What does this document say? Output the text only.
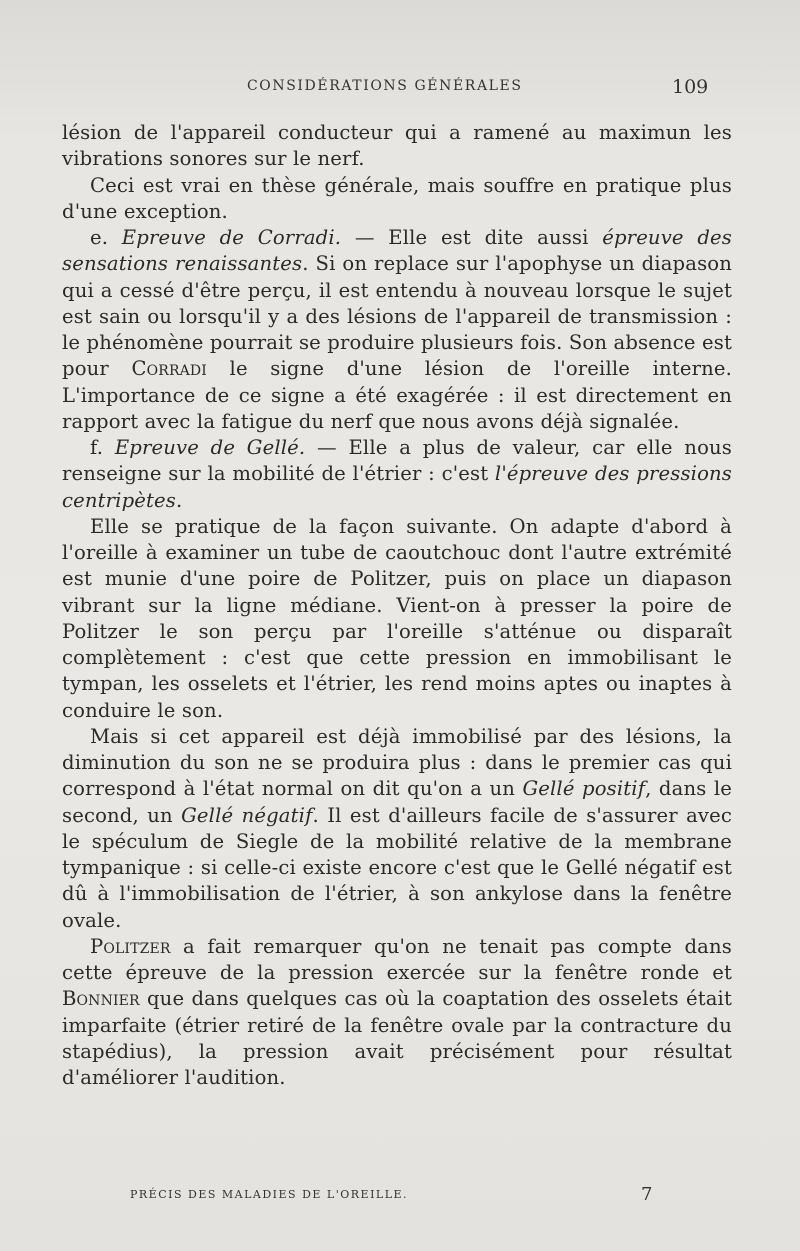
CONSIDÉRATIONS GÉNÉRALES	109

lésion de l'appareil conducteur qui a ramené au maximun les vibrations sonores sur le nerf.

Ceci est vrai en thèse générale, mais souffre en pratique plus d'une exception.

e. Epreuve de Corradi. — Elle est dite aussi épreuve des sensations renaissantes. Si on replace sur l'apophyse un diapason qui a cessé d'être perçu, il est entendu à nouveau lorsque le sujet est sain ou lorsqu'il y a des lésions de l'appareil de transmission : le phénomène pourrait se produire plusieurs fois. Son absence est pour Corradi le signe d'une lésion de l'oreille interne. L'importance de ce signe a été exagérée : il est directement en rapport avec la fatigue du nerf que nous avons déjà signalée.

f. Epreuve de Gellé. — Elle a plus de valeur, car elle nous renseigne sur la mobilité de l'étrier : c'est l'épreuve des pressions centripètes.

Elle se pratique de la façon suivante. On adapte d'abord à l'oreille à examiner un tube de caoutchouc dont l'autre extrémité est munie d'une poire de Politzer, puis on place un diapason vibrant sur la ligne médiane. Vient-on à presser la poire de Politzer le son perçu par l'oreille s'atténue ou disparaît complètement : c'est que cette pression en immobilisant le tympan, les osselets et l'étrier, les rend moins aptes ou inaptes à conduire le son.

Mais si cet appareil est déjà immobilisé par des lésions, la diminution du son ne se produira plus : dans le premier cas qui correspond à l'état normal on dit qu'on a un Gellé positif, dans le second, un Gellé négatif. Il est d'ailleurs facile de s'assurer avec le spéculum de Siegle de la mobilité relative de la membrane tympanique : si celle-ci existe encore c'est que le Gellé négatif est dû à l'immobilisation de l'étrier, à son ankylose dans la fenêtre ovale.

Politzer a fait remarquer qu'on ne tenait pas compte dans cette épreuve de la pression exercée sur la fenêtre ronde et Bonnier que dans quelques cas où la coaptation des osselets était imparfaite (étrier retiré de la fenêtre ovale par la contracture du stapédius), la pression avait précisément pour résultat d'améliorer l'audition.

PRÉCIS DES MALADIES DE L'OREILLE.	7
